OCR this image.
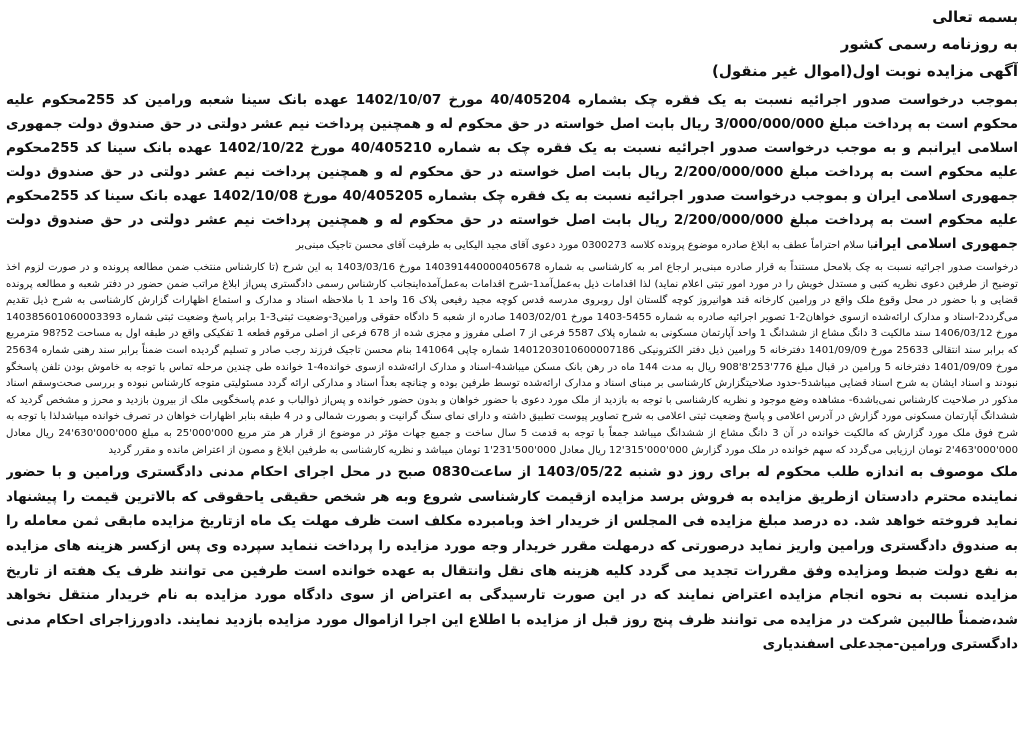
بسمه تعالی
به روزنامه رسمی کشور
آگهی مزایده نوبت اول(اموال غیر منقول)

بموجب درخواست صدور اجرائیه نسبت به یک فقره چک بشماره 40/405204 مورخ 1402/10/07 عهده بانک سینا شعبه ورامین کد 255محکوم علیه محکوم است به پرداخت مبلغ 3/000/000/000 ریال بابت اصل خواسته در حق محکوم له و همچنین پرداخت نیم عشر دولتی در حق صندوق دولت جمهوری اسلامی ایرانبم و به موجب درخواست صدور اجرائیه نسبت به یک فقره چک به شماره 40/405210 مورخ 1402/10/22 عهده بانک سینا کد 255محکوم علیه محکوم است به پرداخت مبلغ 2/200/000/000 ریال بابت اصل خواسته در حق محکوم له و همچنین پرداخت نیم عشر دولتی در حق صندوق دولت جمهوری اسلامی ایران و بموجب درخواست صدور اجرائیه نسبت به یک فقره چک بشماره 40/405205 مورخ 1402/10/08 عهده بانک سینا کد 255محکوم علیه محکوم است به پرداخت مبلغ 2/200/000/000 ریال بابت اصل خواسته در حق محکوم له و همچنین پرداخت نیم عشر دولتی در حق صندوق دولت جمهوری اسلامی ایرانبا سلام احتراماً عطف به ابلاغ صادره موضوع پرونده کلاسه 0300273 مورد دعوی آقای مجید الیکایی به طرفیت آقای محسن تاجیک مبنی‌بر

درخواست صدور اجرائیه نسبت به چک بلامحل مستنداً به قرار صادره مبنی‌بر ارجاع امر به کارشناسی به شماره 140391440000405678 مورخ 1403/03/16 به این شرح (تا کارشناس منتخب ضمن مطالعه پرونده و در صورت لزوم اخذ توضیح از طرفین دعوی نظریه کتبی و مستدل خویش را در مورد امور تبتی اعلام نماید) لذا اقدامات ذیل به‌عمل‌آمد1-شرح اقدامات به‌عمل‌آمده‌اینجانب کارشناس رسمی دادگستری پس‌از ابلاغ مراتب ضمن حضور در دفتر شعبه و مطالعه پرونده قضایی و با حضور در محل وقوع ملک واقع در ورامین کارخانه قند هوانیروز کوچه گلستان اول روبروی مدرسه قدس کوچه مجید رفیعی پلاک 16 واحد 1 با ملاحظه اسناد و مدارک و استماع اظهارات گزارش کارشناسی به شرح ذیل تقدیم می‌گردد2-اسناد و مدارک ارائه‌شده ازسوی خواهان2-1 تصویر اجرائیه صادره به شماره 5455-1403 مورخ 1403/02/01 صادره از شعبه 5 دادگاه حقوقی ورامین3-وضعیت ثبتی3-1 برابر پاسخ وضعیت ثبتی شماره 140385601060003393 مورخ 1406/03/12 سند مالکیت 3 دانگ مشاع از ششدانگ 1 واحد آپارتمان مسکونی به شماره پلاک 5587 فرعی از 7 اصلی مفروز و مجزی شده از 678 فرعی از اصلی مرقوم قطعه 1 تفکیکی واقع در طبقه اول به مساحت 52?98 مترمربع که برابر سند انتقالی 25633 مورخ 1401/09/09 دفترخانه 5 ورامین ذیل دفتر الکترونیکی 140120301060000718‌6 شماره چاپی 141064 بنام محسن تاجیک فرزند رجب صادر و تسلیم گردیده است ضمناً برابر سند رهنی شماره 25634 مورخ 1401/09/09 دفترخانه 5 ورامین در قبال مبلغ 776'253'8'908 ریال به مدت 144 ماه در رهن بانک مسکن میباشد4-اسناد و مدارک ارائه‌شده ازسوی خوانده4-1 خوانده طی چندین مرحله تماس با توجه به خاموش بودن تلفن پاسخگو نبودند و اسناد ایشان به شرح اسناد قضایی میباشد5-حدود صلاحیتگزارش کارشناسی بر مبنای اسناد و مدارک ارائه‌شده توسط طرفین بوده و چنانچه بعداً اسناد و مدارکی ارائه گردد مسئولیتی متوجه کارشناس نبوده و بررسی صحت‌وسقم اسناد مذکور در صلاحیت کارشناس نمی‌باشد6- مشاهده وضع موجود و نظریه کارشناسی با توجه به بازدید از ملک مورد دعوی با حضور خواهان و بدون حضور خوانده و پس‌از ذوالباب و عدم پاسخگویی ملک از بیرون بازدید و محرز و مشخص گردید که ششدانگ آپارتمان مسکونی مورد گزارش در آدرس اعلامی و پاسخ وضعیت ثبتی اعلامی به شرح تصاویر پیوست تطبیق داشته و دارای نمای سنگ گرانیت و بصورت شمالی و در 4 طبقه بنابر اظهارات خواهان در تصرف خوانده میباشدلذا با توجه به شرح فوق ملک مورد گزارش که مالکیت خوانده در آن 3 دانگ مشاع از ششدانگ میباشد جمعاً با توجه به قدمت 5 سال ساخت و جمیع جهات مؤثر در موضوع از قرار هر متر مربع 000'000'25 به مبلغ 000'000'630'24 ریال معادل 000'000'463'2 تومان ارزیابی می‌گردد که سهم خوانده در ملک مورد گزارش 000'000'315'12 ریال معادل 000'500'231'1 تومان میباشد و نظریه کارشناسی به طرفین ابلاغ و مصون از اعتراض مانده و مقرر گردید

ملک موصوف به اندازه طلب محکوم له برای روز دو شنبه 1403/05/22 از ساعت0830 صبح در محل اجرای احکام مدنی دادگستری ورامین و با حضور نماینده محترم دادستان ازطریق مزایده به فروش برسد مزایده ازقیمت کارشناسی شروع وبه هر شخص حقیقی یاحقوقی که بالاترین قیمت را پیشنهاد نماید فروخته خواهد شد. ده درصد مبلغ مزایده فی المجلس از خریدار اخذ وبامبرده مکلف است ظرف مهلت یک ماه ازتاریخ مزایده مابقی ثمن معامله را به صندوق دادگستری ورامین واریز نماید درصورتی که درمهلت مقرر خریدار وجه مورد مزایده را پرداخت ننماید سپرده وی پس ازکسر هزینه های مزایده به نفع دولت ضبط ومزایده وفق مقررات تجدید می گردد کلیه هزینه های نقل وانتقال به عهده خوانده است طرفین می توانند ظرف یک هفته از تاریخ مزایده نسبت به نحوه انجام مزایده اعتراض نمایند که در این صورت تارسیدگی به اعتراض از سوی دادگاه مورد مزایده به نام خریدار منتقل نخواهد شد،ضمناً طالبین شرکت در مزایده می توانند ظرف پنج روز قبل از مزایده با اطلاع این اجرا ازاموال مورد مزایده بازدید نمایند. دادورزاجرای احکام مدنی دادگستری ورامین-مجدعلی اسفندیاری
